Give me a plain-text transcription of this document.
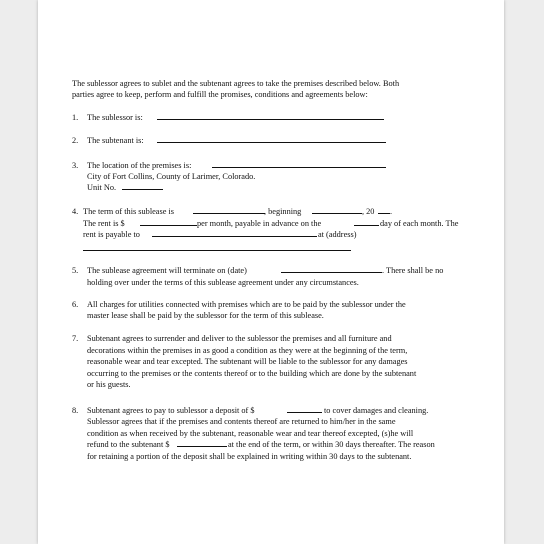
The sublessor agrees to sublet and the subtenant agrees to take the premises described below. Both
parties agree to keep, perform and fulfill the promises, conditions and agreements below:
1. The sublessor is:
2. The subtenant is:
3. The location of the premises is:
City of Fort Collins, County of Larimer, Colorado.
Unit No.
4. The term of this sublease is	, beginning	, 20 .
The rent is $	per month, payable in advance on the	day of each month. The
rent is payable to	at (address)
5. The sublease agreement will terminate on (date)	. There shall be no
holding over under the terms of this sublease agreement under any circumstances.
6. All charges for utilities connected with premises which are to be paid by the sublessor under the
master lease shall be paid by the sublessor for the term of this sublease.
7. Subtenant agrees to surrender and deliver to the sublessor the premises and all furniture and
decorations within the premises in as good a condition as they were at the beginning of the term,
reasonable wear and tear excepted. The subtenant will be liable to the sublessor for any damages
occurring to the premises or the contents thereof or to the building which are done by the subtenant
or his guests.
8. Subtenant agrees to pay to sublessor a deposit of $	to cover damages and cleaning.
Sublessor agrees that if the premises and contents thereof are returned to him/her in the same
condition as when received by the subtenant, reasonable wear and tear thereof excepted, (s)he will
refund to the subtenant $	at the end of the term, or within 30 days thereafter. The reason
for retaining a portion of the deposit shall be explained in writing within 30 days to the subtenant.
